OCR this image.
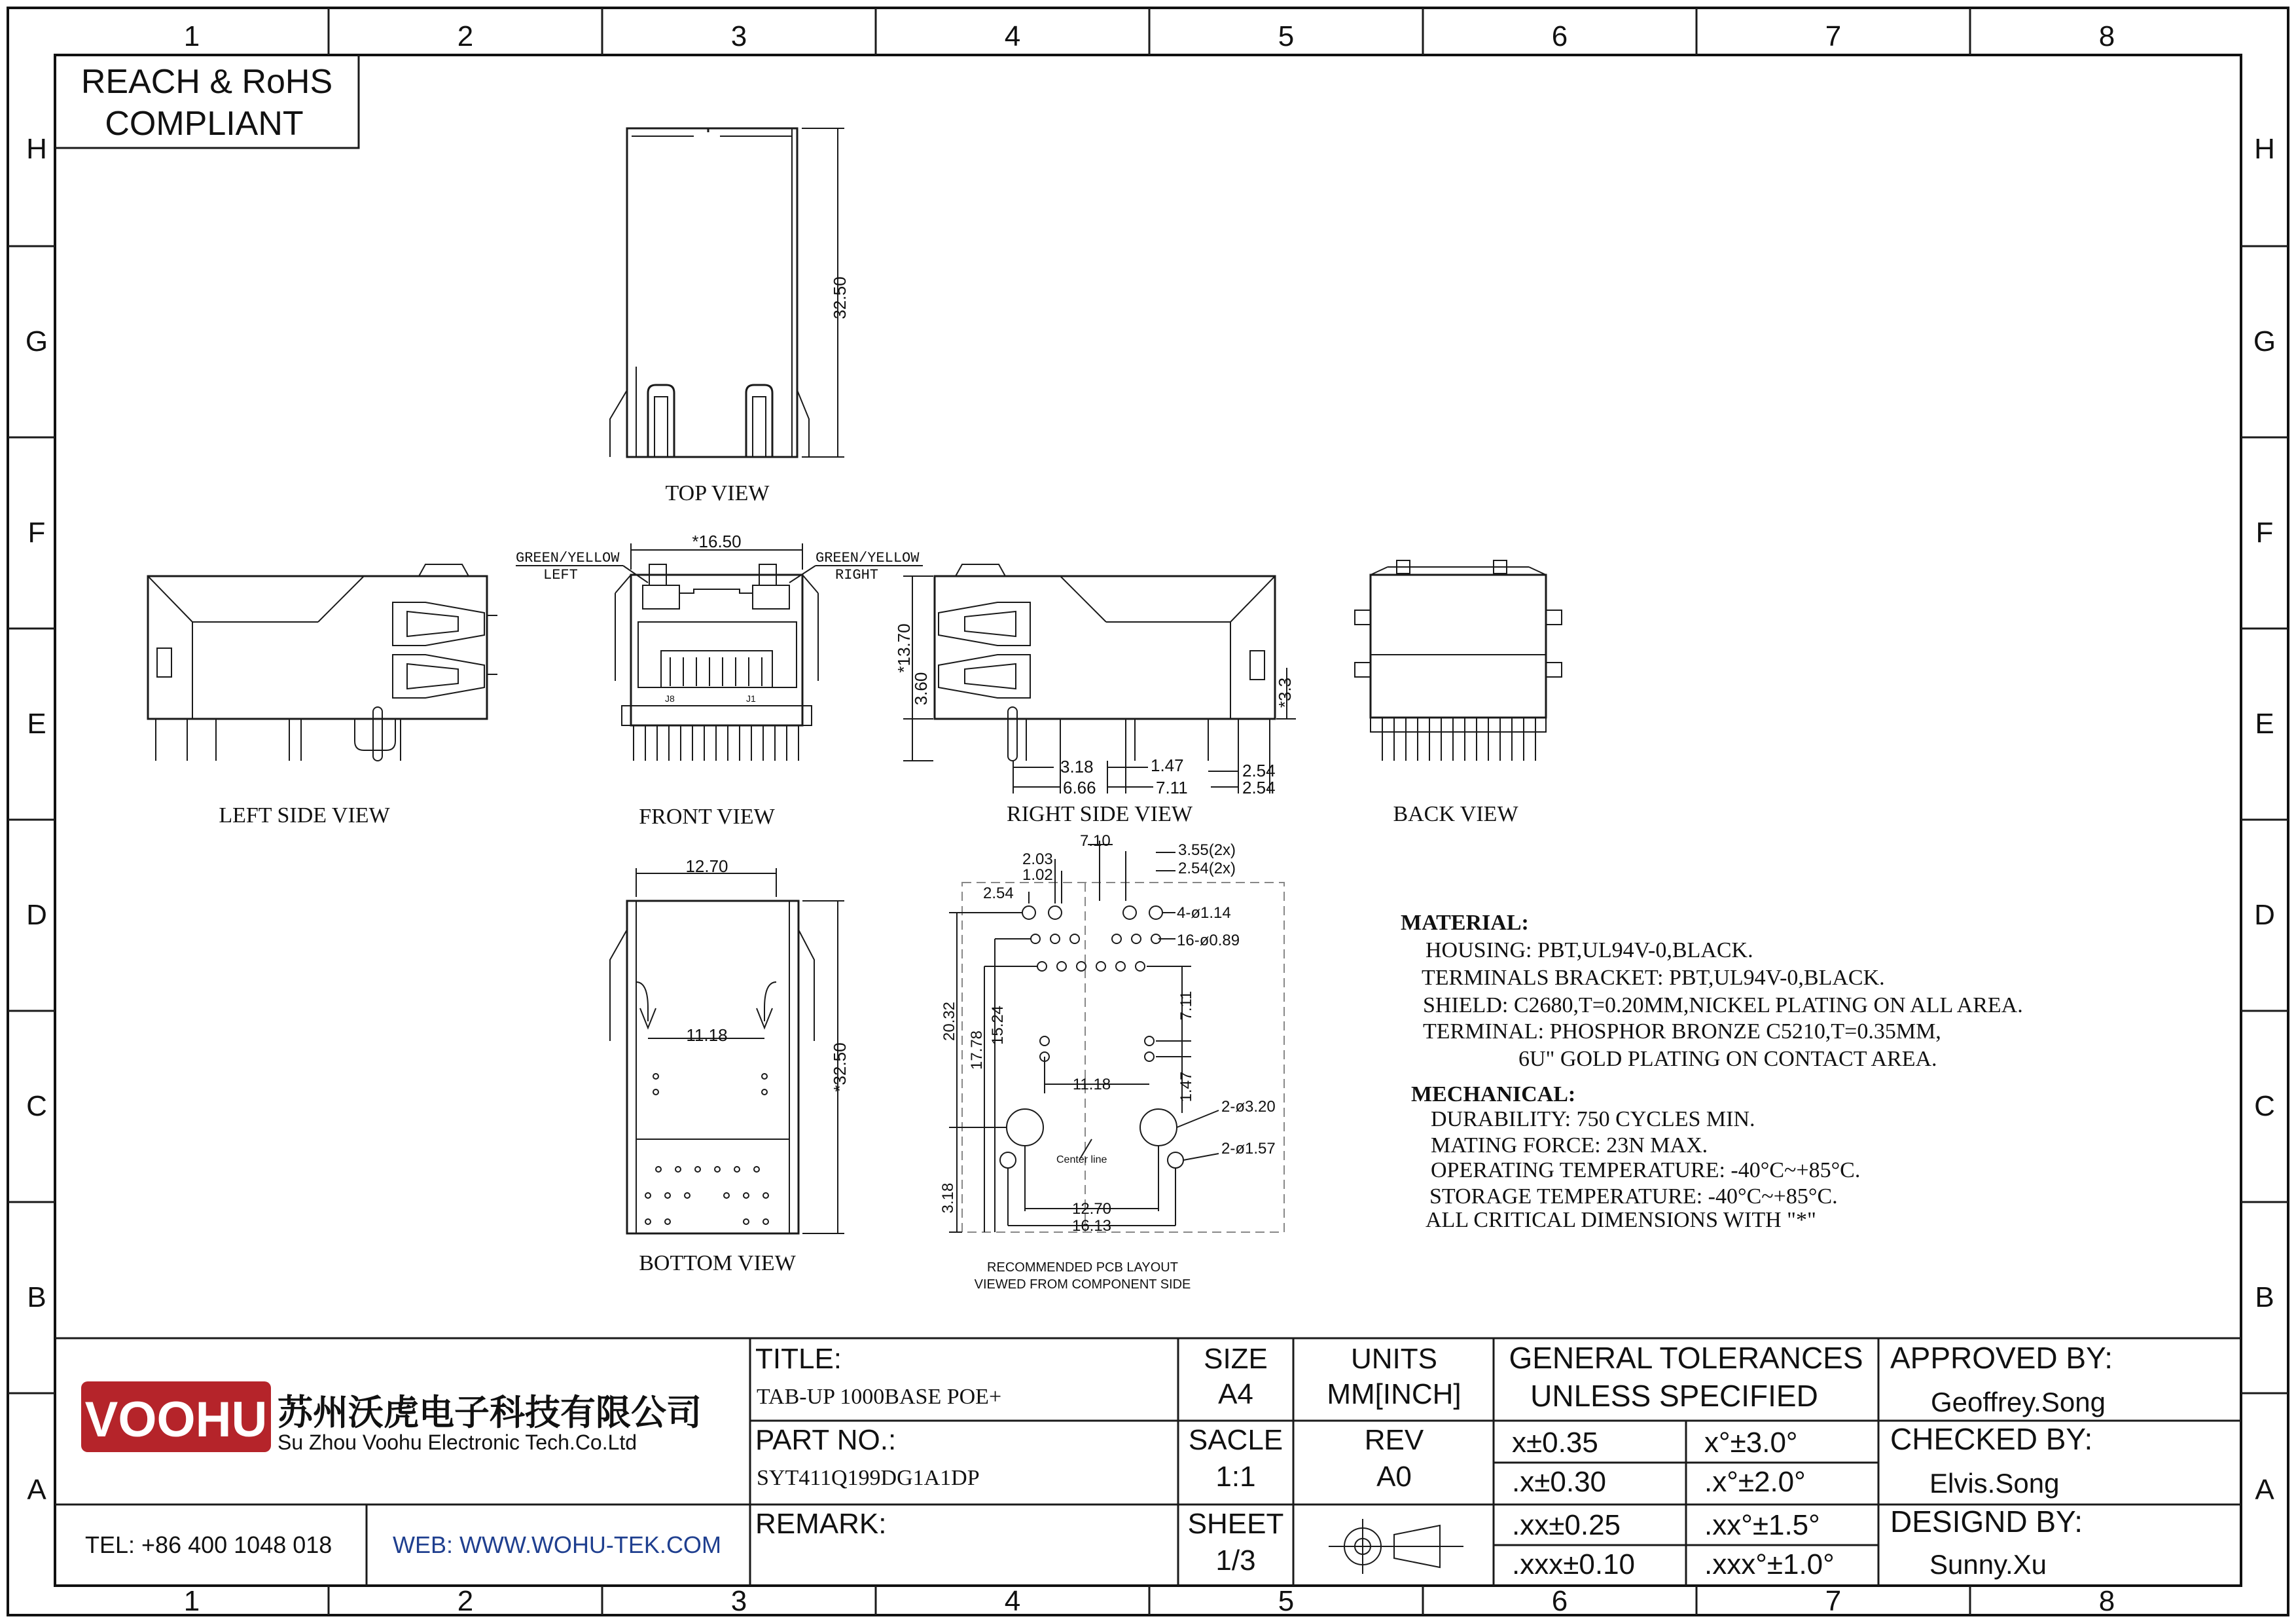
1	2	3	4	5	6	7	8
1	2	3	4	5	6	7	8
H
G
F
E
D
C
B
A
H
G
F
E
D
C
B
A
REACH & RoHS
COMPLIANT
32.50
TOP VIEW
LEFT SIDE VIEW
J8	J1
*16.50
GREEN/YELLOW
LEFT
GREEN/YELLOW
RIGHT
FRONT VIEW
*13.70
3.60	*3.3
3.18
6.66
1.47
7.11
2.54
2.54
RIGHT SIDE VIEW	BACK VIEW
12.70
11.18
*32.50
BOTTOM VIEW
7.10
2.03
1.02
3.55(2x)
2.54(2x)
2.54
4-ø1.14
16-ø0.89
7.11
20.32
17.78
15.24
11.18	1.47
2-ø3.20
2-ø1.57
3.18	12.70
16.13
Center line
RECOMMENDED PCB LAYOUT
VIEWED FROM COMPONENT SIDE
MATERIAL:
HOUSING: PBT,UL94V-0,BLACK.
TERMINALS BRACKET: PBT,UL94V-0,BLACK.
SHIELD: C2680,T=0.20MM,NICKEL PLATING ON ALL AREA.
TERMINAL: PHOSPHOR BRONZE C5210,T=0.35MM,
6U" GOLD PLATING ON CONTACT AREA.
MECHANICAL:
DURABILITY: 750 CYCLES MIN.
MATING FORCE: 23N MAX.
OPERATING TEMPERATURE: -40°C~+85°C.
STORAGE TEMPERATURE: -40°C~+85°C.
ALL CRITICAL DIMENSIONS WITH "*"
VOOHU 苏州沃虎电子科技有限公司
Su Zhou Voohu Electronic Tech.Co.Ltd
TEL: +86 400 1048 018	WEB: WWW.WOHU-TEK.COM
TITLE:
TAB-UP 1000BASE POE+
PART NO.:
SYT411Q199DG1A1DP
REMARK:
SIZE
A4
UNITS
MM[INCH]
SACLE
1:1
REV
A0
SHEET
1/3
GENERAL TOLERANCES
UNLESS SPECIFIED
x±0.35	x°±3.0°
.x±0.30	.x°±2.0°
.xx±0.25	.xx°±1.5°
.xxx±0.10 .xxx°±1.0°
APPROVED BY:
Geoffrey.Song
CHECKED BY:
Elvis.Song
DESIGND BY:
Sunny.Xu
